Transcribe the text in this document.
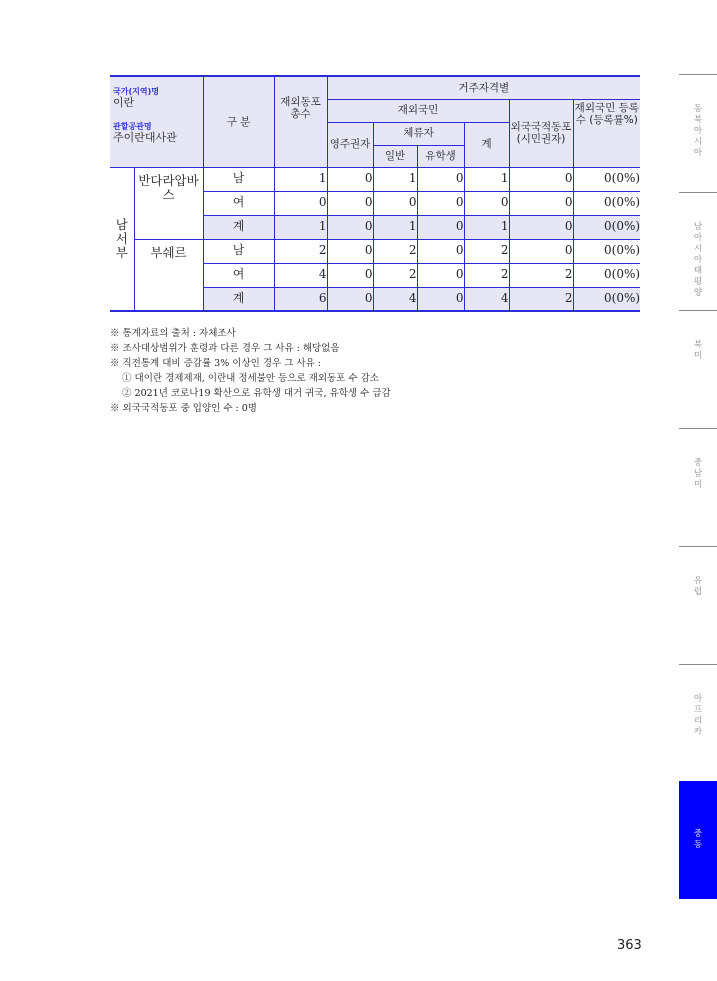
국가(지역)명
이란
관할공관명
주이란대사관		구 분	재외동포 총수	거주자격별					
				재외국민				외국국적동포 (시민권자)	재외국민 등록수 (등록률%)
				영주권자	체류자		계		
					일반	유학생			
남 서 부	반다라압바스	남	1	0	1	0	1	0	0(0%)
		여	0	0	0	0	0	0	0(0%)
		계	1	0	1	0	1	0	0(0%)
	부쉐르	남	2	0	2	0	2	0	0(0%)
		여	4	0	2	0	2	2	0(0%)
		계	6	0	4	0	4	2	0(0%)
※ 통계자료의 출처 : 자체조사
※ 조사대상범위가 훈령과 다른 경우 그 사유 : 해당없음
※ 직전통계 대비 증감률 3% 이상인 경우 그 사유 :
① 대이란 경제제재, 이란내 정세불안 등으로 재외동포 수 감소
② 2021년 코로나19 확산으로 유학생 대거 귀국, 유학생 수 급감
※ 외국국적동포 중 입양인 수 : 0명
동북아시아
남아시아태평양
북미
중남미
유럽
아프리카
중동
363
